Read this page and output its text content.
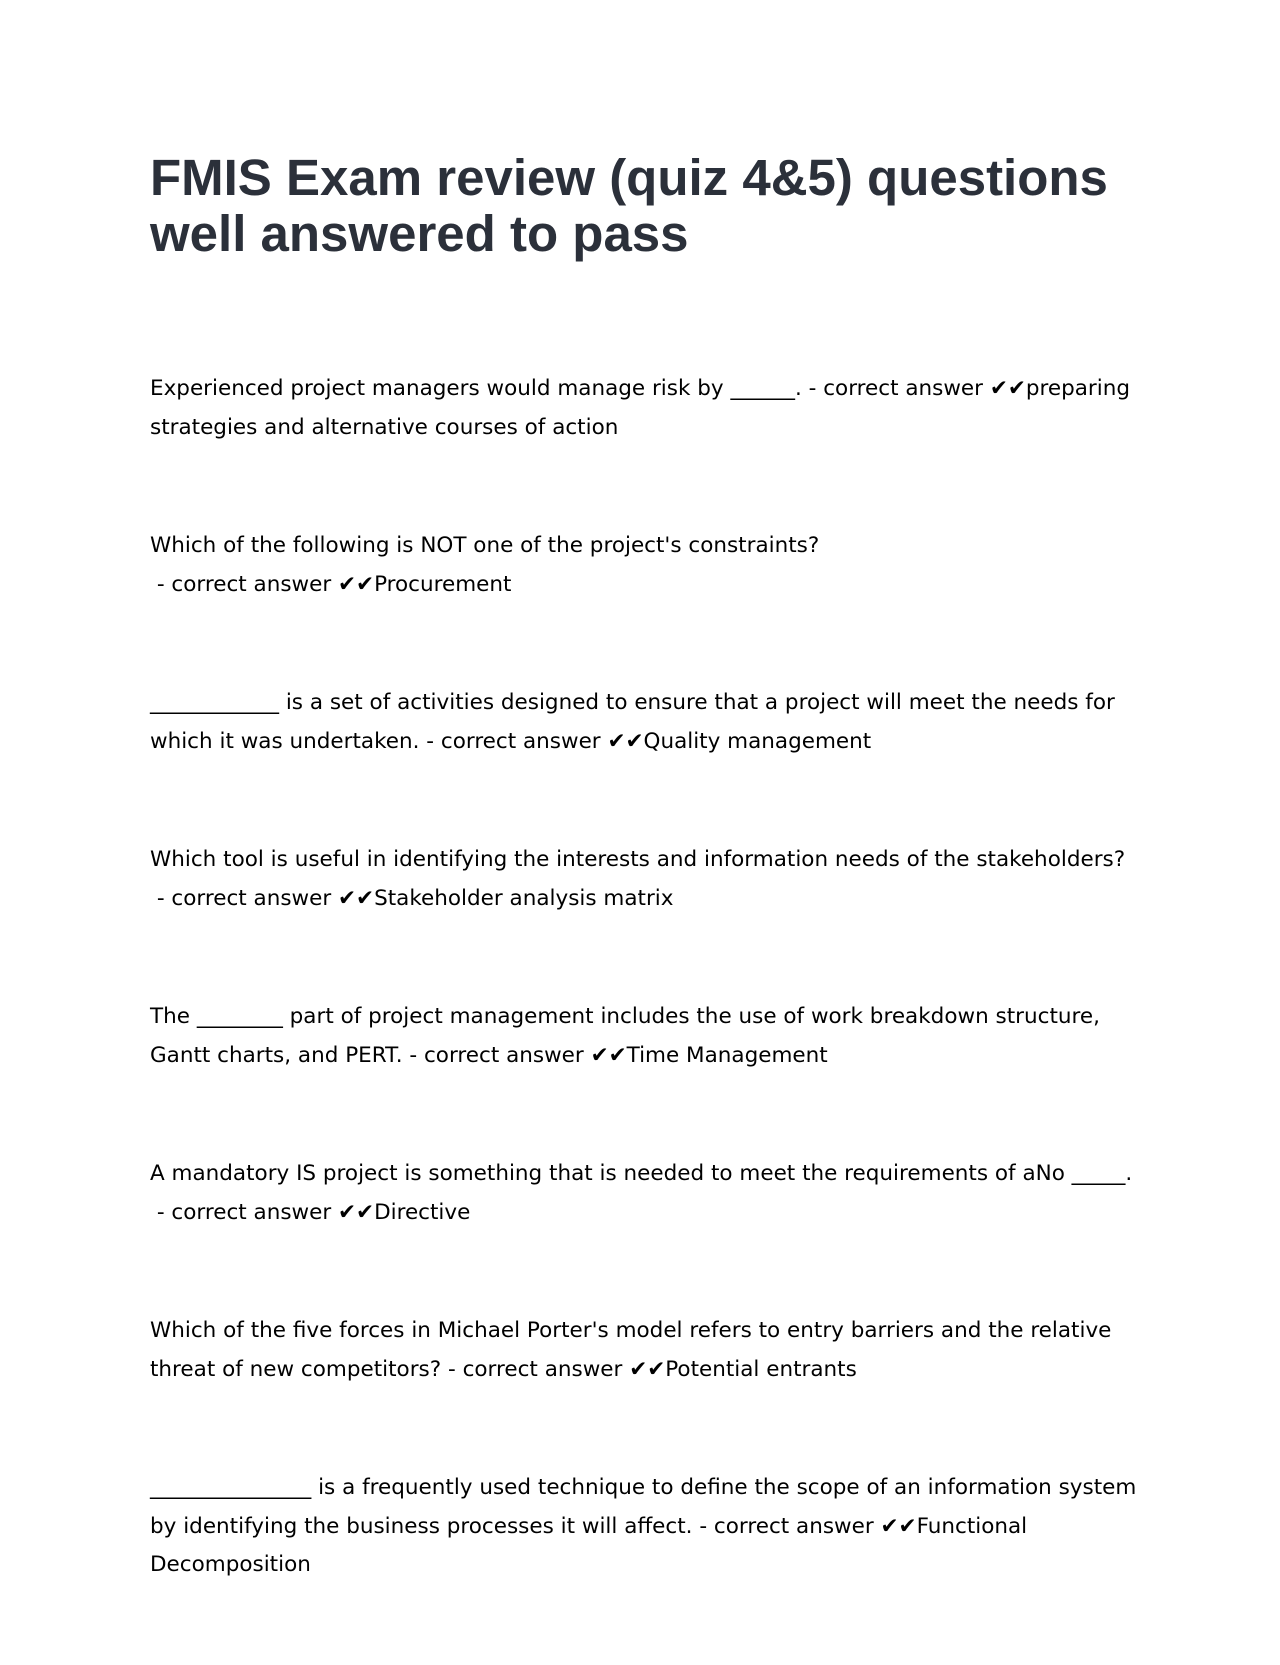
FMIS Exam review (quiz 4&5) questions well answered to pass
Experienced project managers would manage risk by ______. - correct answer ✔✔preparing strategies and alternative courses of action
Which of the following is NOT one of the project's constraints? - correct answer ✔✔Procurement
____________ is a set of activities designed to ensure that a project will meet the needs for which it was undertaken. - correct answer ✔✔Quality management
Which tool is useful in identifying the interests and information needs of the stakeholders? - correct answer ✔✔Stakeholder analysis matrix
The ________ part of project management includes the use of work breakdown structure, Gantt charts, and PERT. - correct answer ✔✔Time Management
A mandatory IS project is something that is needed to meet the requirements of aNo _____. - correct answer ✔✔Directive
Which of the five forces in Michael Porter's model refers to entry barriers and the relative threat of new competitors? - correct answer ✔✔Potential entrants
_______________ is a frequently used technique to define the scope of an information system by identifying the business processes it will affect. - correct answer ✔✔Functional Decomposition
